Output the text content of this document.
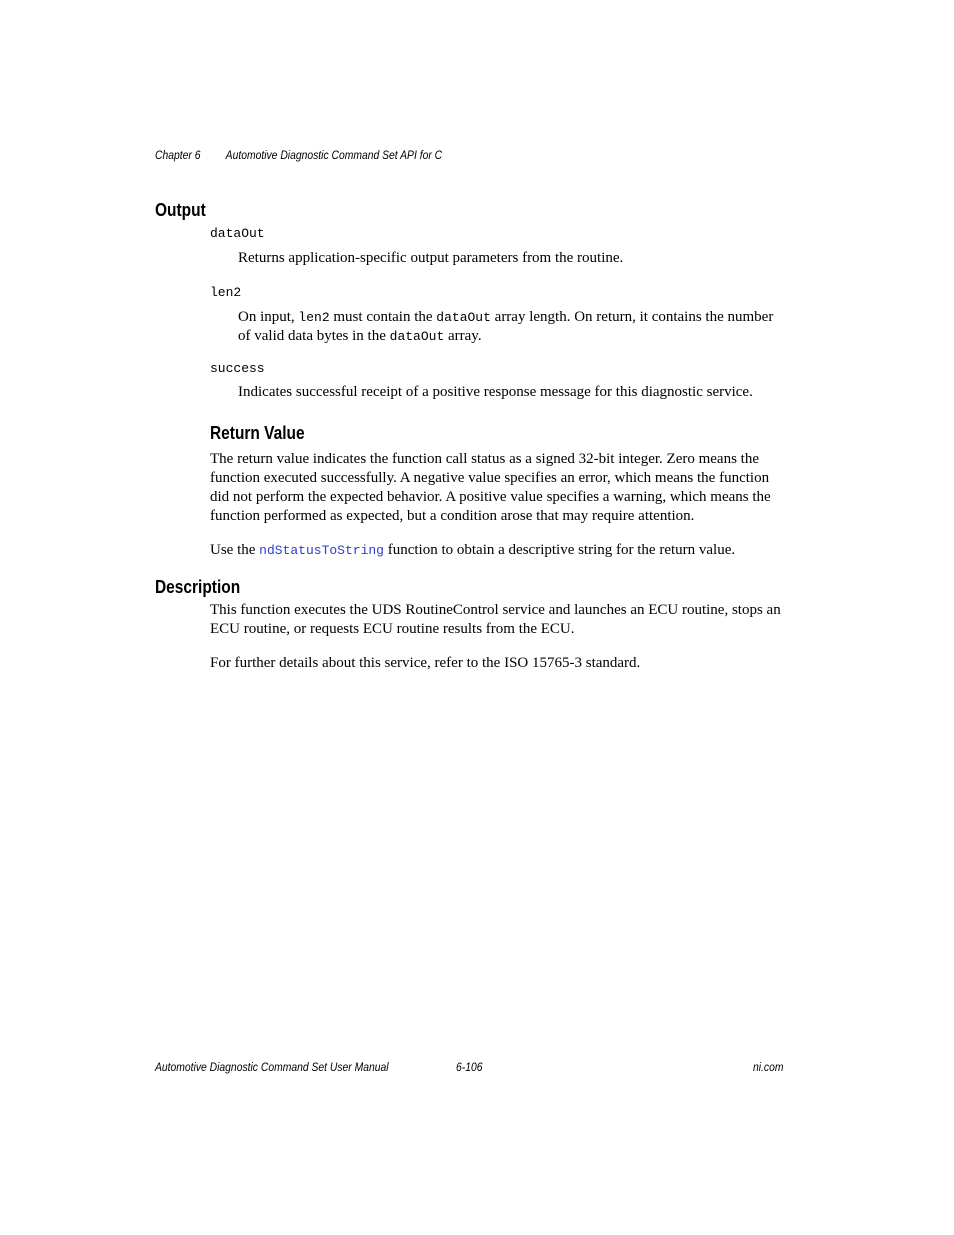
Chapter 6 Automotive Diagnostic Command Set API for C
Output
dataOut
Returns application-specific output parameters from the routine.
len2
On input, len2 must contain the dataOut array length. On return, it contains the number of valid data bytes in the dataOut array.
success
Indicates successful receipt of a positive response message for this diagnostic service.
Return Value
The return value indicates the function call status as a signed 32-bit integer. Zero means the function executed successfully. A negative value specifies an error, which means the function did not perform the expected behavior. A positive value specifies a warning, which means the function performed as expected, but a condition arose that may require attention.
Use the ndStatusToString function to obtain a descriptive string for the return value.
Description
This function executes the UDS RoutineControl service and launches an ECU routine, stops an ECU routine, or requests ECU routine results from the ECU.
For further details about this service, refer to the ISO 15765-3 standard.
Automotive Diagnostic Command Set User Manual	6-106	ni.com
